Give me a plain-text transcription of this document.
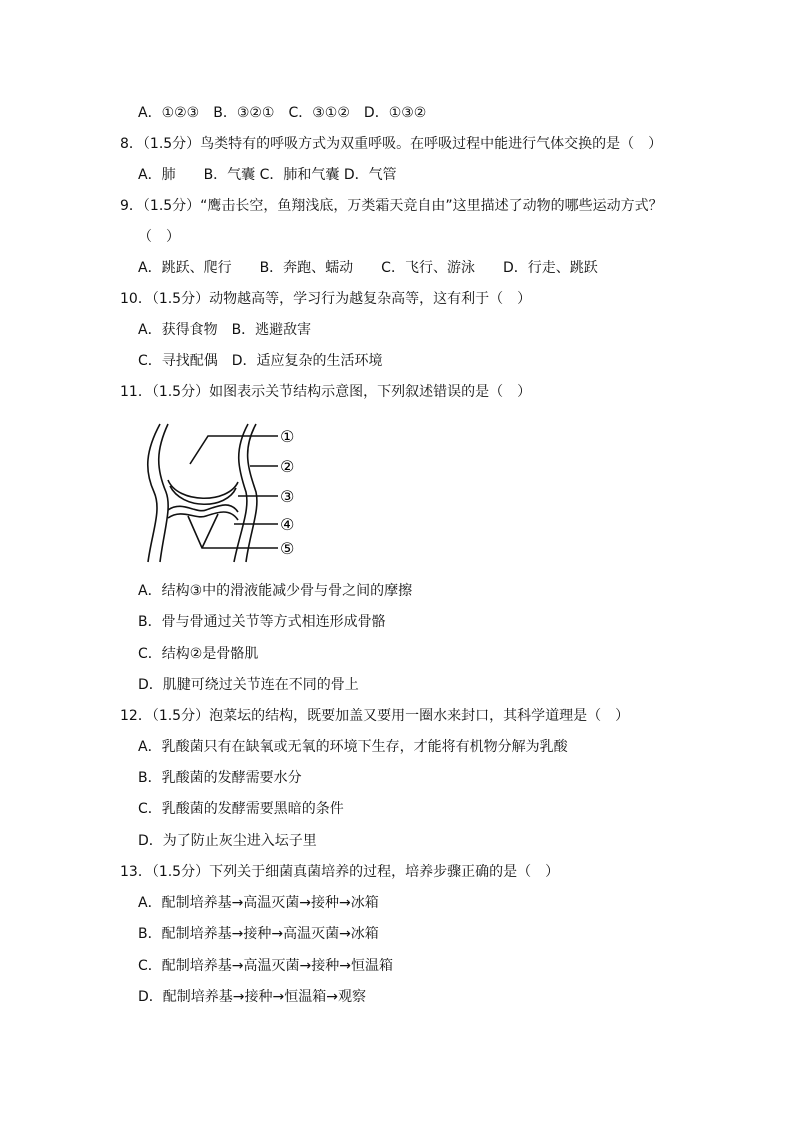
A．①②③　B．③②①　C．③①②　D．①③②
8．（1.5分）鸟类特有的呼吸方式为双重呼吸。在呼吸过程中能进行气体交换的是（　）
A．肺　　B．气囊 C．肺和气囊 D．气管
9．（1.5分）“鹰击长空，鱼翔浅底，万类霜天竞自由”这里描述了动物的哪些运动方式？
（　）
A．跳跃、爬行　　B．奔跑、蠕动　　C．飞行、游泳　　D．行走、跳跃
10．（1.5分）动物越高等，学习行为越复杂高等，这有利于（　）
A．获得食物　B．逃避敌害
C．寻找配偶　D．适应复杂的生活环境
11．（1.5分）如图表示关节结构示意图，下列叙述错误的是（　）
①
②
③
④
⑤
A．结构③中的滑液能减少骨与骨之间的摩擦
B．骨与骨通过关节等方式相连形成骨骼
C．结构②是骨骼肌
D．肌腱可绕过关节连在不同的骨上
12．（1.5分）泡菜坛的结构，既要加盖又要用一圈水来封口，其科学道理是（　）
A．乳酸菌只有在缺氧或无氧的环境下生存，才能将有机物分解为乳酸
B．乳酸菌的发酵需要水分
C．乳酸菌的发酵需要黑暗的条件
D．为了防止灰尘进入坛子里
13．（1.5分）下列关于细菌真菌培养的过程，培养步骤正确的是（　）
A．配制培养基→高温灭菌→接种→冰箱
B．配制培养基→接种→高温灭菌→冰箱
C．配制培养基→高温灭菌→接种→恒温箱
D．配制培养基→接种→恒温箱→观察
